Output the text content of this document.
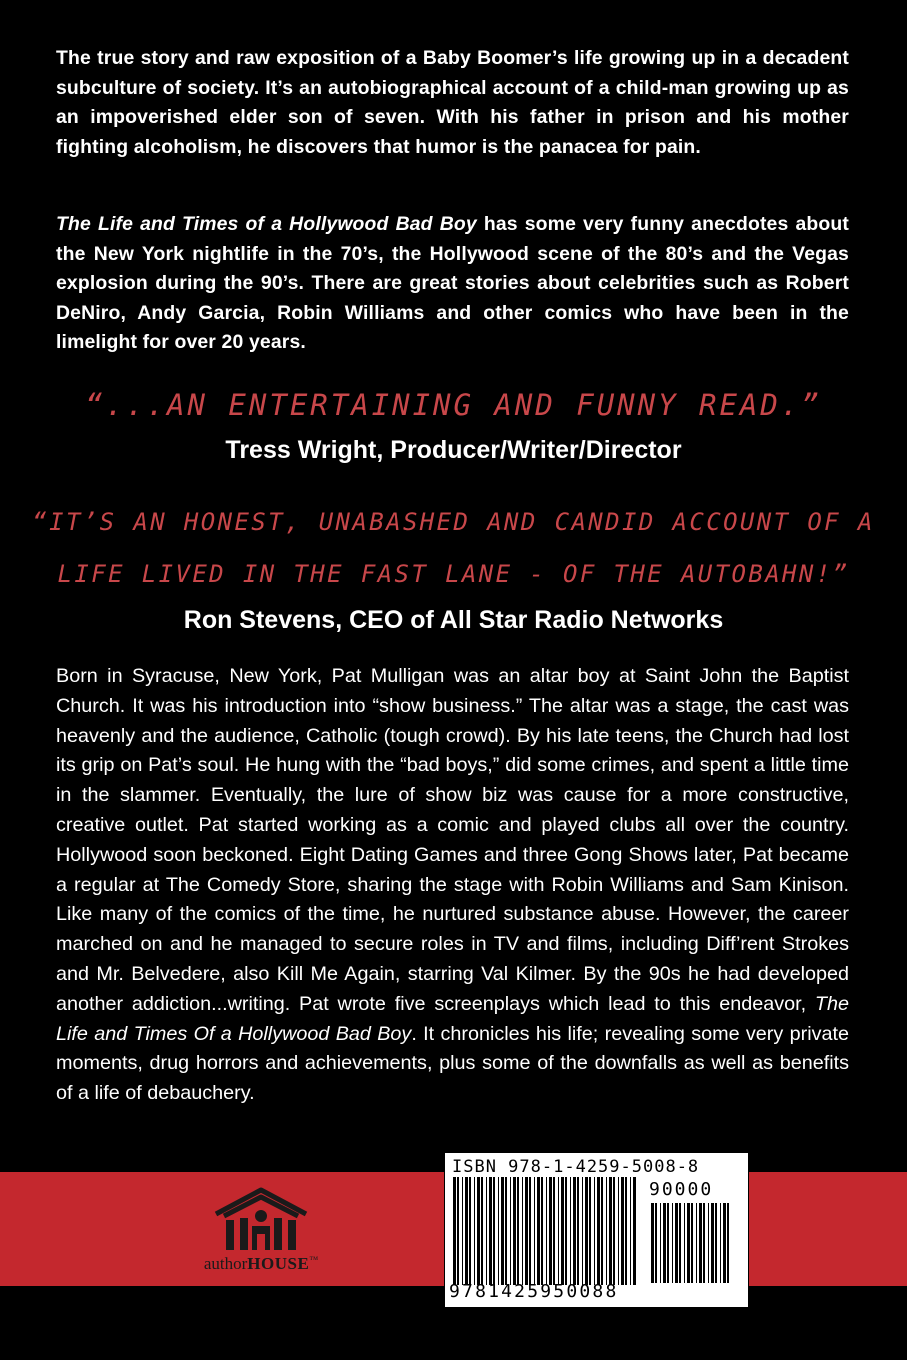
The true story and raw exposition of a Baby Boomer’s life growing up in a decadent subculture of society. It’s an autobiographical account of a child-man growing up as an impoverished elder son of seven. With his father in prison and his mother fighting alcoholism, he discovers that humor is the panacea for pain.

The Life and Times of a Hollywood Bad Boy has some very funny anecdotes about the New York nightlife in the 70’s, the Hollywood scene of the 80’s and the Vegas explosion during the 90’s. There are great stories about celebrities such as Robert DeNiro, Andy Garcia, Robin Williams and other comics who have been in the limelight for over 20 years.

“...AN ENTERTAINING AND FUNNY READ.”

Tress Wright, Producer/Writer/Director

“IT’S AN HONEST, UNABASHED AND CANDID ACCOUNT OF A

LIFE LIVED IN THE FAST LANE - OF THE AUTOBAHN!”

Ron Stevens, CEO of All Star Radio Networks

Born in Syracuse, New York, Pat Mulligan was an altar boy at Saint John the Baptist Church. It was his introduction into “show business.” The altar was a stage, the cast was heavenly and the audience, Catholic (tough crowd). By his late teens, the Church had lost its grip on Pat’s soul. He hung with the “bad boys,” did some crimes, and spent a little time in the slammer. Eventually, the lure of show biz was cause for a more constructive, creative outlet. Pat started working as a comic and played clubs all over the country. Hollywood soon beckoned. Eight Dating Games and three Gong Shows later, Pat became a regular at The Comedy Store, sharing the stage with Robin Williams and Sam Kinison. Like many of the comics of the time, he nurtured substance abuse. However, the career marched on and he managed to secure roles in TV and films, including Diff’rent Strokes and Mr. Belvedere, also Kill Me Again, starring Val Kilmer. By the 90s he had developed another addiction...writing. Pat wrote five screenplays which lead to this endeavor, The Life and Times Of a Hollywood Bad Boy. It chronicles his life; revealing some very private moments, drug horrors and achievements, plus some of the downfalls as well as benefits of a life of debauchery.

authorHOUSE™
ISBN 978-1-4259-5008-8
90000
9781425950088
